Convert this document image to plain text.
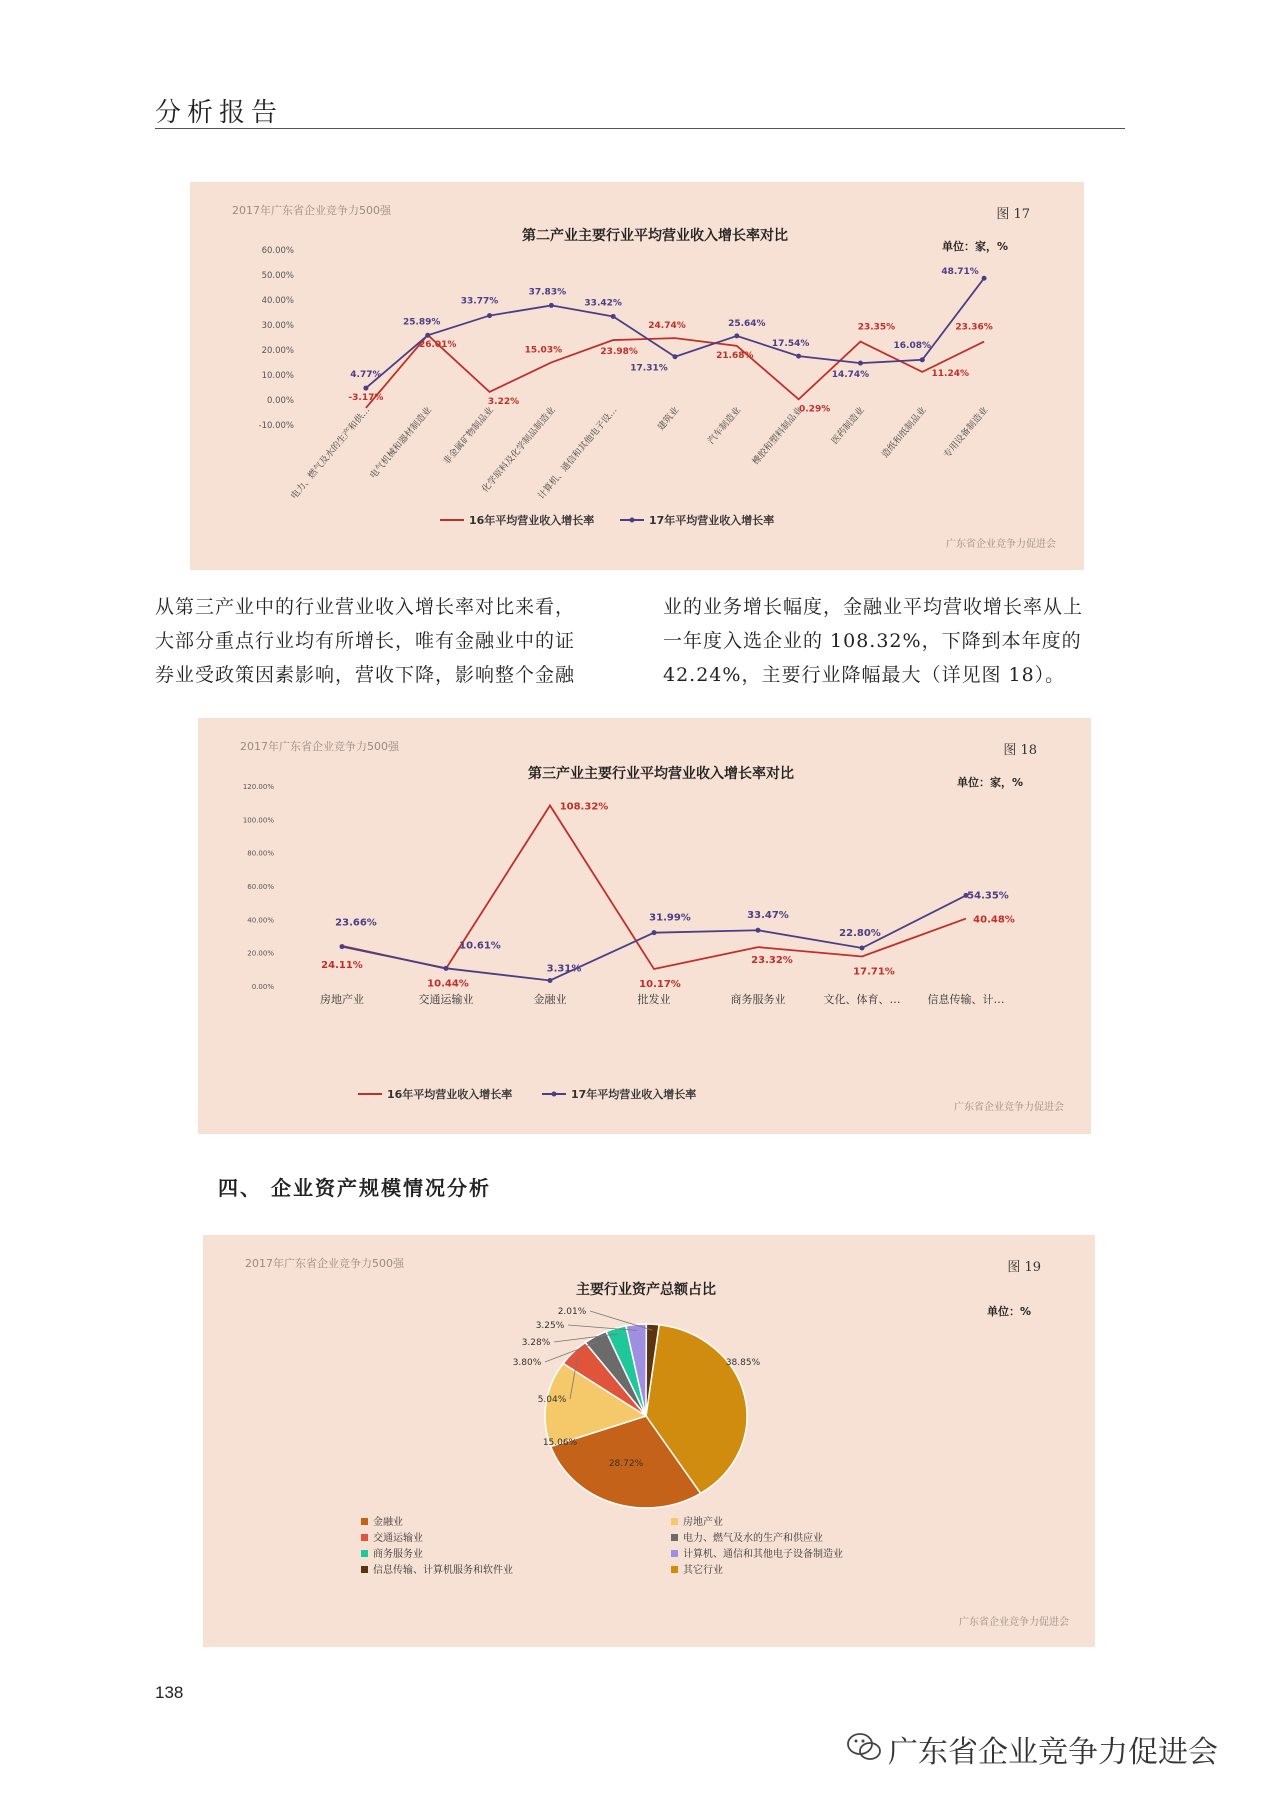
分析报告
2017年广东省企业竞争力500强	图 17
第二产业主要行业平均营业收入增长率对比
单位：家，%
60.00%
50.00%
40.00%
30.00%
20.00%
10.00%
0.00%
-10.00%
电力、燃气及水的生产和供…
电气机械和器材制造业 非金属矿物制品业
化学原料及化学制品制造业
计算机、通信和其他电子设…	建筑业	汽车制造业 橡胶和塑料制品业	医药制造业 造纸和纸制品业 专用设备制造业
-3.17%
26.01%
3.22%
15.03%	23.98%
24.74%
21.68%
0.29%
23.35%
11.24%
23.36%
4.77%
25.89%
33.77%
37.83%
33.42%
17.31%
25.64%
17.54%
14.74%
16.08%
48.71%
16年平均营业收入增长率	17年平均营业收入增长率
广东省企业竞争力促进会
从第三产业中的行业营业收入增长率对比来看，
大部分重点行业均有所增长，唯有金融业中的证
券业受政策因素影响，营收下降，影响整个金融
业的业务增长幅度，金融业平均营收增长率从上
一年度入选企业的 108.32%，下降到本年度的
42.24%，主要行业降幅最大（详见图 18）。
2017年广东省企业竞争力500强	图 18
第三产业主要行业平均营业收入增长率对比
单位：家，%
120.00%
100.00%
80.00%
60.00%
40.00%
20.00%
0.00%
房地产业	交通运输业	金融业	批发业	商务服务业	文化、体育、… 信息传输、计…
24.11%
10.44%
108.32%
10.17%
23.32%
17.71%
40.48%
23.66%
10.61%
3.31%
31.99%	33.47%
22.80%
54.35%
16年平均营业收入增长率	17年平均营业收入增长率
广东省企业竞争力促进会
四、 企业资产规模情况分析
2017年广东省企业竞争力500强	图 19
主要行业资产总额占比
单位：%
38.85%
28.72%
15.06%
5.04%
3.80%
3.28%
3.25%
2.01%
金融业	房地产业
交通运输业	电力、燃气及水的生产和供应业
商务服务业	计算机、通信和其他电子设备制造业
信息传输、计算机服务和软件业	其它行业
广东省企业竞争力促进会
138
广东省企业竞争力促进会
